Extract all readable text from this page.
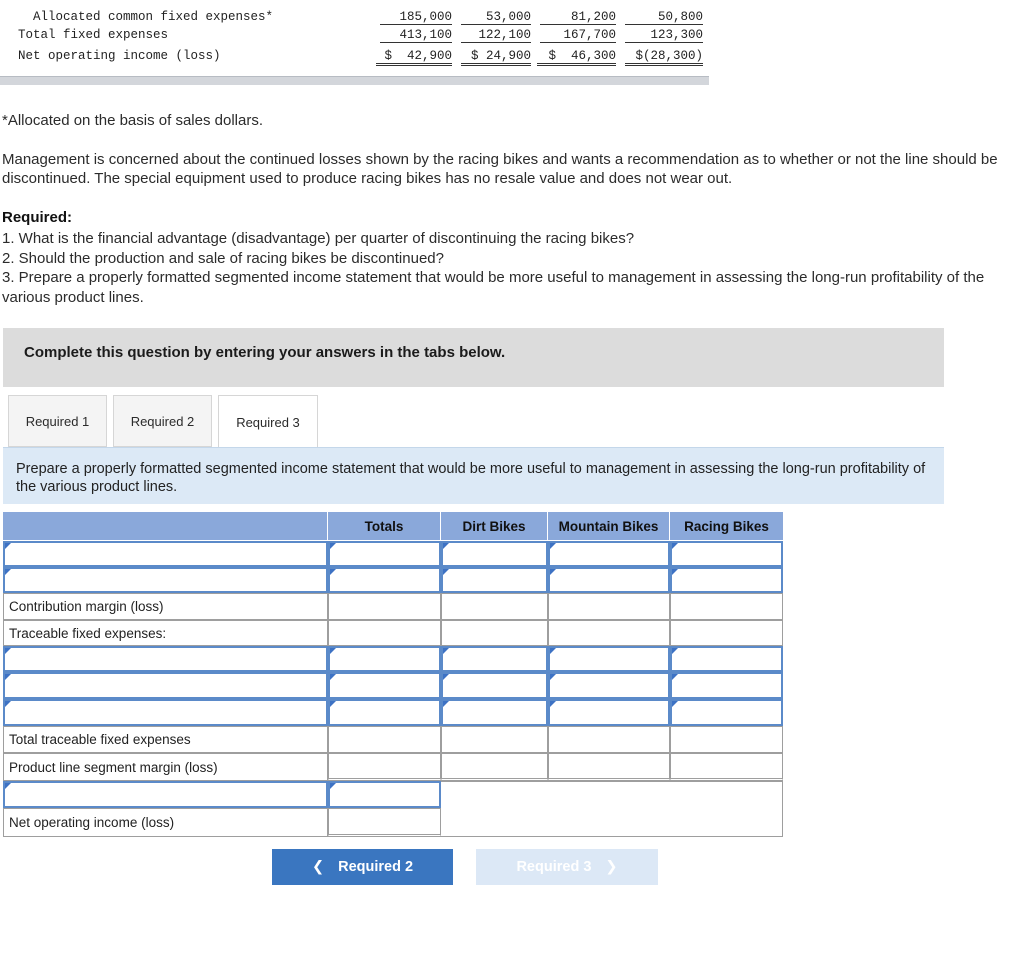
Allocated common fixed expenses*	185,000	53,000	81,200	50,800
Total fixed expenses	413,100	122,100	167,700	123,300
Net operating income (loss)	$  42,900	$ 24,900	$  46,300	$(28,300)
*Allocated on the basis of sales dollars.
Management is concerned about the continued losses shown by the racing bikes and wants a recommendation as to whether or not the line should be discontinued. The special equipment used to produce racing bikes has no resale value and does not wear out.
Required:
1. What is the financial advantage (disadvantage) per quarter of discontinuing the racing bikes?
2. Should the production and sale of racing bikes be discontinued?
3. Prepare a properly formatted segmented income statement that would be more useful to management in assessing the long-run profitability of the various product lines.
Complete this question by entering your answers in the tabs below.
Required 1	Required 2	Required 3
Prepare a properly formatted segmented income statement that would be more useful to management in assessing the long-run profitability of the various product lines.
Totals	Dirt Bikes	Mountain Bikes	Racing Bikes
Contribution margin (loss)
Traceable fixed expenses:
Total traceable fixed expenses
Product line segment margin (loss)
Net operating income (loss)
❮ Required 2	Required 3 ❯
